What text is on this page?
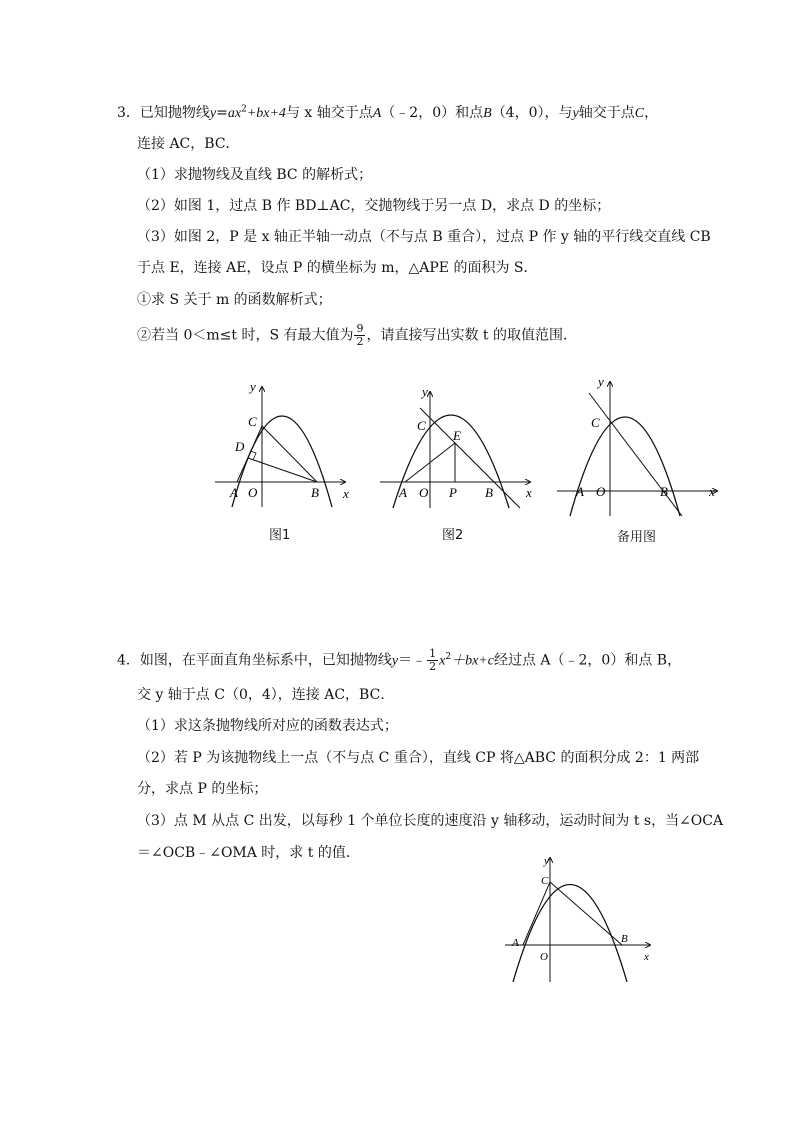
3．已知抛物线$y=ax^2+bx+4$与 x 轴交于点A（﹣2，0）和点B（4，0），与y轴交于点C，
连接 AC，BC．
（1）求抛物线及直线 BC 的解析式；
（2）如图 1，过点 B 作 BD⊥AC，交抛物线于另一点 D，求点 D 的坐标；
（3）如图 2，P 是 x 轴正半轴一动点（不与点 B 重合），过点 P 作 y 轴的平行线交直线 CB
于点 E，连接 AE，设点 P 的横坐标为 m，△APE 的面积为 S．
①求 S 关于 m 的函数解析式；
②若当 0＜m≤t 时，S 有最大值为 $\frac{9}{2}$ ，请直接写出实数 t 的取值范围．
C
D
A O	B x
y
图1
C
E
A O P B	x
y
图2
C
A O	B	x
y
备用图
4．如图，在平面直角坐标系中，已知抛物线y＝﹣ $\frac{1}{2} x^2+bx+c$经过点 A（﹣2，0）和点 B，
交 y 轴于点 C（0，4），连接 AC，BC．
（1）求这条抛物线所对应的函数表达式；
（2）若 P 为该抛物线上一点（不与点 C 重合），直线 CP 将△ABC 的面积分成 2：1 两部
分，求点 P 的坐标；
（3）点 M 从点 C 出发，以每秒 1 个单位长度的速度沿 y 轴移动，运动时间为 t s，当∠OCA
＝∠OCB﹣∠OMA 时，求 t 的值．
C
A
O
B
x
y
